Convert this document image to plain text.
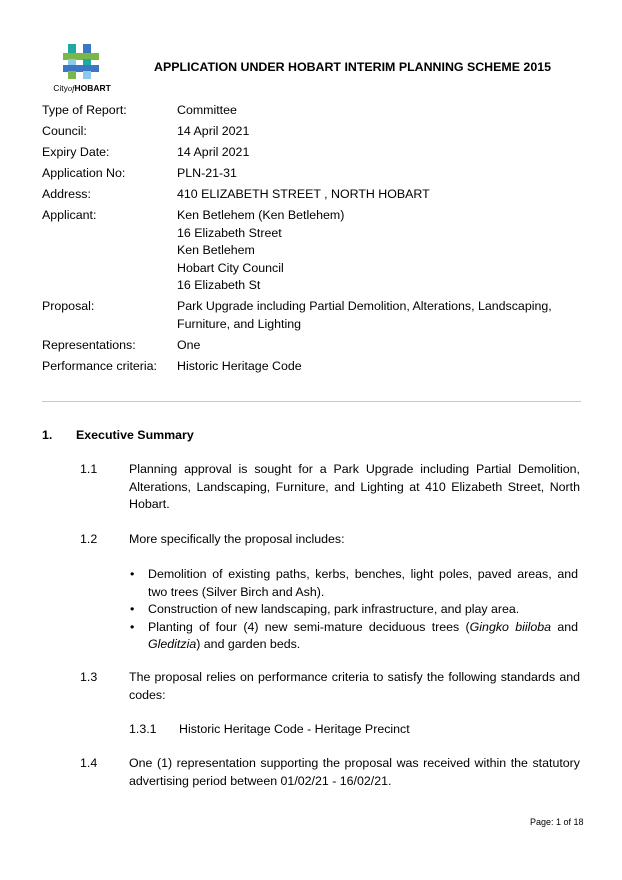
CityofHOBART
APPLICATION UNDER HOBART INTERIM PLANNING SCHEME 2015
Type of Report:	Committee
Council:	14 April 2021
Expiry Date:	14 April 2021
Application No:	PLN-21-31
Address:	410 ELIZABETH STREET , NORTH HOBART
Applicant:	Ken Betlehem (Ken Betlehem)
16 Elizabeth Street
Ken Betlehem
Hobart City Council
16 Elizabeth St
Proposal:	Park Upgrade including Partial Demolition, Alterations, Landscaping,
Furniture, and Lighting
Representations:	One
Performance criteria:	Historic Heritage Code
1. Executive Summary
1.1	Planning approval is sought for a Park Upgrade including Partial Demolition, Alterations, Landscaping, Furniture, and Lighting at 410 Elizabeth Street, North Hobart.
1.2	More specifically the proposal includes:
• Demolition of existing paths, kerbs, benches, light poles, paved areas, and two trees (Silver Birch and Ash).
• Construction of new landscaping, park infrastructure, and play area.
• Planting of four (4) new semi-mature deciduous trees (Gingko biiloba and Gleditzia) and garden beds.
1.3	The proposal relies on performance criteria to satisfy the following standards and codes:
1.3.1 Historic Heritage Code - Heritage Precinct
1.4	One (1) representation supporting the proposal was received within the statutory advertising period between 01/02/21 - 16/02/21.
Page: 1 of 18
